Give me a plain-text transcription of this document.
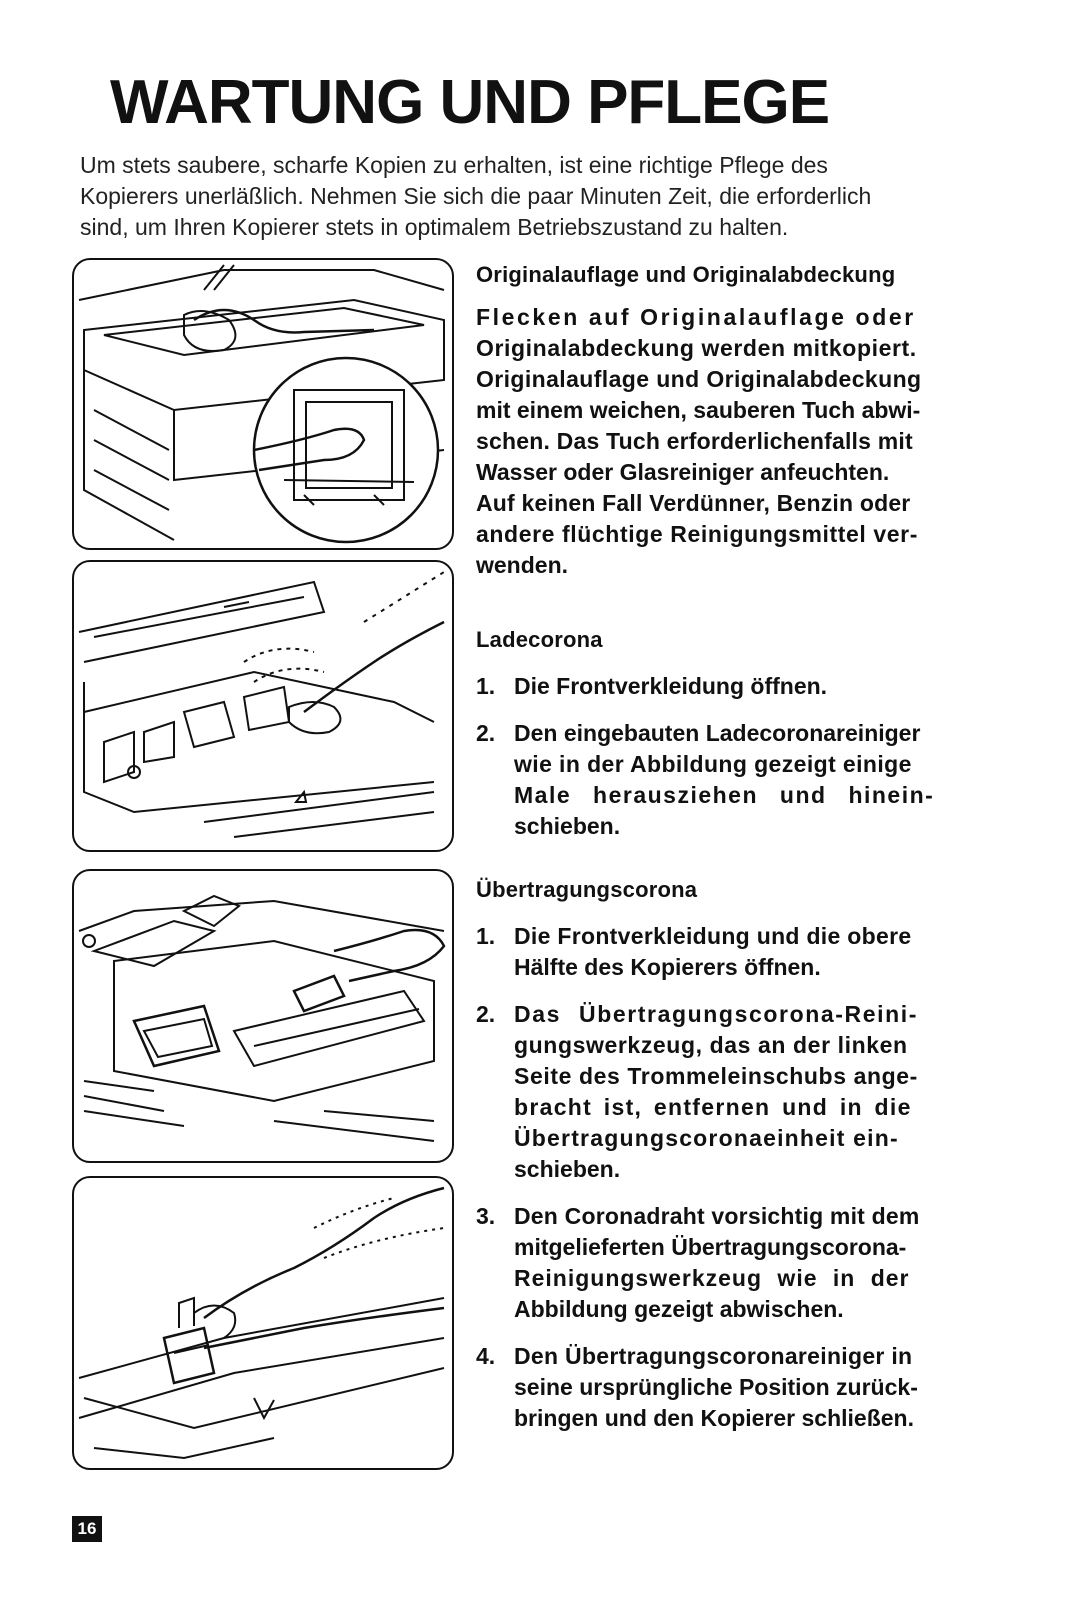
WARTUNG UND PFLEGE
Um stets saubere, scharfe Kopien zu erhalten, ist eine richtige Pflege des
Kopierers unerläßlich. Nehmen Sie sich die paar Minuten Zeit, die erforderlich
sind, um Ihren Kopierer stets in optimalem Betriebszustand zu halten.

Originalauflage und Originalabdeckung

Flecken auf Originalauflage oder
Originalabdeckung werden mitkopiert.
Originalauflage und Originalabdeckung
mit einem weichen, sauberen Tuch abwi-
schen. Das Tuch erforderlichenfalls mit
Wasser oder Glasreiniger anfeuchten.
Auf keinen Fall Verdünner, Benzin oder
andere flüchtige Reinigungsmittel ver-
wenden.

Ladecorona

1. Die Frontverkleidung öffnen.
2. Den eingebauten Ladecoronareiniger
wie in der Abbildung gezeigt einige
Male herausziehen und hinein-
schieben.

Übertragungscorona

1. Die Frontverkleidung und die obere
Hälfte des Kopierers öffnen.
2. Das Übertragungscorona-Reini-
gungswerkzeug, das an der linken
Seite des Trommeleinschubs ange-
bracht ist, entfernen und in die
Übertragungscoronaeinheit ein-
schieben.
3. Den Coronadraht vorsichtig mit dem
mitgelieferten Übertragungscorona-
Reinigungswerkzeug wie in der
Abbildung gezeigt abwischen.
4. Den Übertragungscoronareiniger in
seine ursprüngliche Position zurück-
bringen und den Kopierer schließen.
16
